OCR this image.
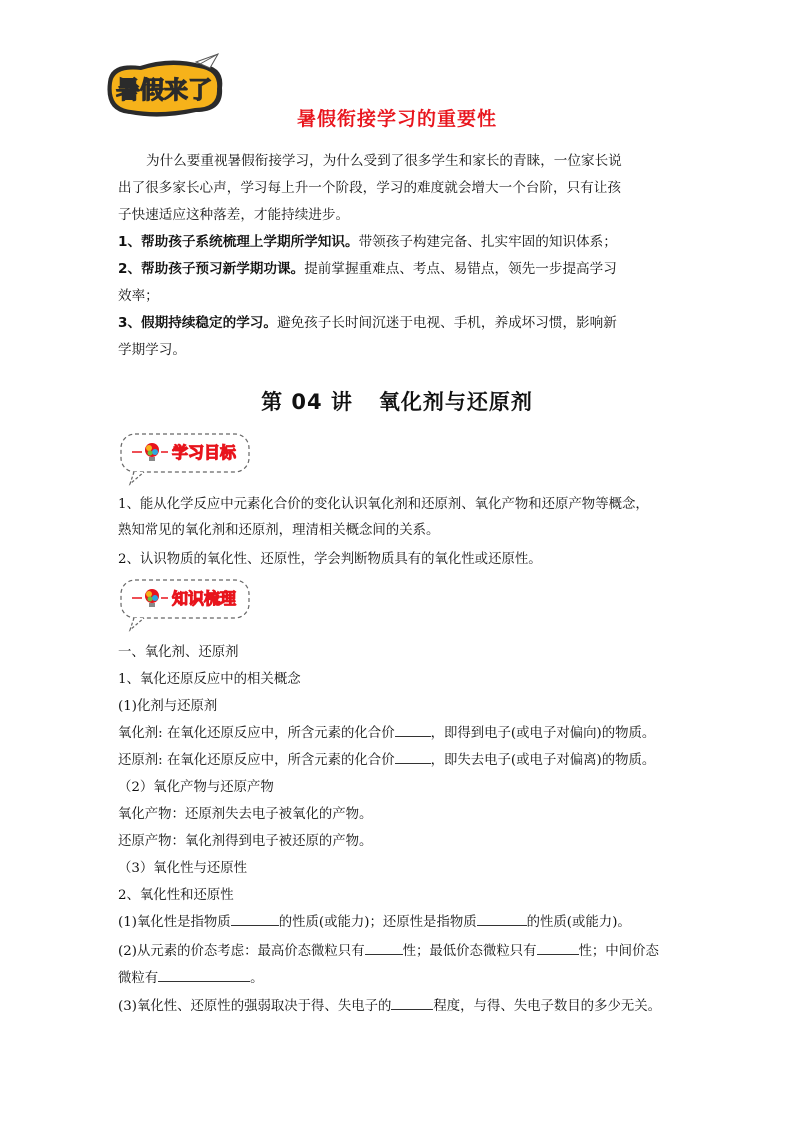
暑假来了
暑假衔接学习的重要性
为什么要重视暑假衔接学习，为什么受到了很多学生和家长的青睐，一位家长说
出了很多家长心声，学习每上升一个阶段，学习的难度就会增大一个台阶，只有让孩
子快速适应这种落差，才能持续进步。
1、帮助孩子系统梳理上学期所学知识。带领孩子构建完备、扎实牢固的知识体系；
2、帮助孩子预习新学期功课。提前掌握重难点、考点、易错点，领先一步提高学习
效率；
3、假期持续稳定的学习。避免孩子长时间沉迷于电视、手机，养成坏习惯，影响新
学期学习。
第 04 讲 氧化剂与还原剂
学习目标
1、能从化学反应中元素化合价的变化认识氧化剂和还原剂、氧化产物和还原产物等概念，
熟知常见的氧化剂和还原剂，理清相关概念间的关系。
2、认识物质的氧化性、还原性，学会判断物质具有的氧化性或还原性。
知识梳理
一、氧化剂、还原剂
1、氧化还原反应中的相关概念
(1)化剂与还原剂
氧化剂: 在氧化还原反应中，所含元素的化合价	，即得到电子(或电子对偏向)的物质。
还原剂: 在氧化还原反应中，所含元素的化合价	，即失去电子(或电子对偏离)的物质。
（2）氧化产物与还原产物
氧化产物：还原剂失去电子被氧化的产物。
还原产物：氧化剂得到电子被还原的产物。
（3）氧化性与还原性
2、氧化性和还原性
(1)氧化性是指物质	的性质(或能力)；还原性是指物质	的性质(或能力)。
(2)从元素的价态考虑：最高价态微粒只有	性；最低价态微粒只有	性；中间价态
微粒有	。
(3)氧化性、还原性的强弱取决于得、失电子的	程度，与得、失电子数目的多少无关。
